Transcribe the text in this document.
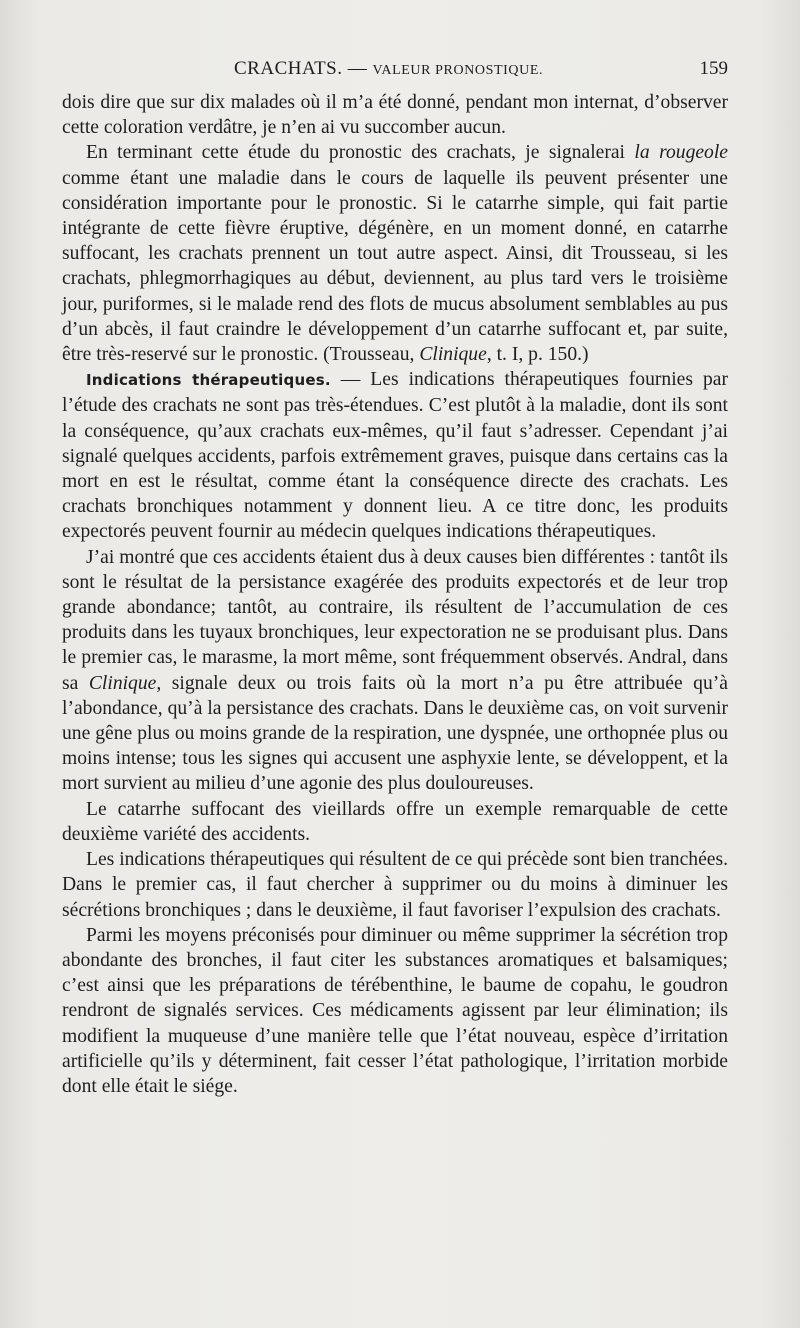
CRACHATS. — VALEUR PRONOSTIQUE.	159

dois dire que sur dix malades où il m’a été donné, pendant mon internat, d’observer cette coloration verdâtre, je n’en ai vu succomber aucun.

En terminant cette étude du pronostic des crachats, je signalerai la rougeole comme étant une maladie dans le cours de laquelle ils peuvent présenter une considération importante pour le pronostic. Si le catarrhe simple, qui fait partie intégrante de cette fièvre éruptive, dégénère, en un moment donné, en catarrhe suffocant, les crachats prennent un tout autre aspect. Ainsi, dit Trousseau, si les crachats, phlegmorrhagiques au début, deviennent, au plus tard vers le troisième jour, puriformes, si le malade rend des flots de mucus absolument semblables au pus d’un abcès, il faut craindre le développement d’un catarrhe suffocant et, par suite, être très-reservé sur le pronostic. (Trousseau, Clinique, t. I, p. 150.)

Indications thérapeutiques. — Les indications thérapeutiques fournies par l’étude des crachats ne sont pas très-étendues. C’est plutôt à la maladie, dont ils sont la conséquence, qu’aux crachats eux-mêmes, qu’il faut s’adresser. Cependant j’ai signalé quelques accidents, parfois extrêmement graves, puisque dans certains cas la mort en est le résultat, comme étant la conséquence directe des crachats. Les crachats bronchiques notamment y donnent lieu. A ce titre donc, les produits expectorés peuvent fournir au médecin quelques indications thérapeutiques.

J’ai montré que ces accidents étaient dus à deux causes bien différentes : tantôt ils sont le résultat de la persistance exagérée des produits expectorés et de leur trop grande abondance; tantôt, au contraire, ils résultent de l’accumulation de ces produits dans les tuyaux bronchiques, leur expectoration ne se produisant plus. Dans le premier cas, le marasme, la mort même, sont fréquemment observés. Andral, dans sa Clinique, signale deux ou trois faits où la mort n’a pu être attribuée qu’à l’abondance, qu’à la persistance des crachats. Dans le deuxième cas, on voit survenir une gêne plus ou moins grande de la respiration, une dyspnée, une orthopnée plus ou moins intense; tous les signes qui accusent une asphyxie lente, se développent, et la mort survient au milieu d’une agonie des plus douloureuses.

Le catarrhe suffocant des vieillards offre un exemple remarquable de cette deuxième variété des accidents.

Les indications thérapeutiques qui résultent de ce qui précède sont bien tranchées. Dans le premier cas, il faut chercher à supprimer ou du moins à diminuer les sécrétions bronchiques ; dans le deuxième, il faut favoriser l’expulsion des crachats.

Parmi les moyens préconisés pour diminuer ou même supprimer la sécrétion trop abondante des bronches, il faut citer les substances aromatiques et balsamiques; c’est ainsi que les préparations de térébenthine, le baume de copahu, le goudron rendront de signalés services. Ces médicaments agissent par leur élimination; ils modifient la muqueuse d’une manière telle que l’état nouveau, espèce d’irritation artificielle qu’ils y déterminent, fait cesser l’état pathologique, l’irritation morbide dont elle était le siége.
